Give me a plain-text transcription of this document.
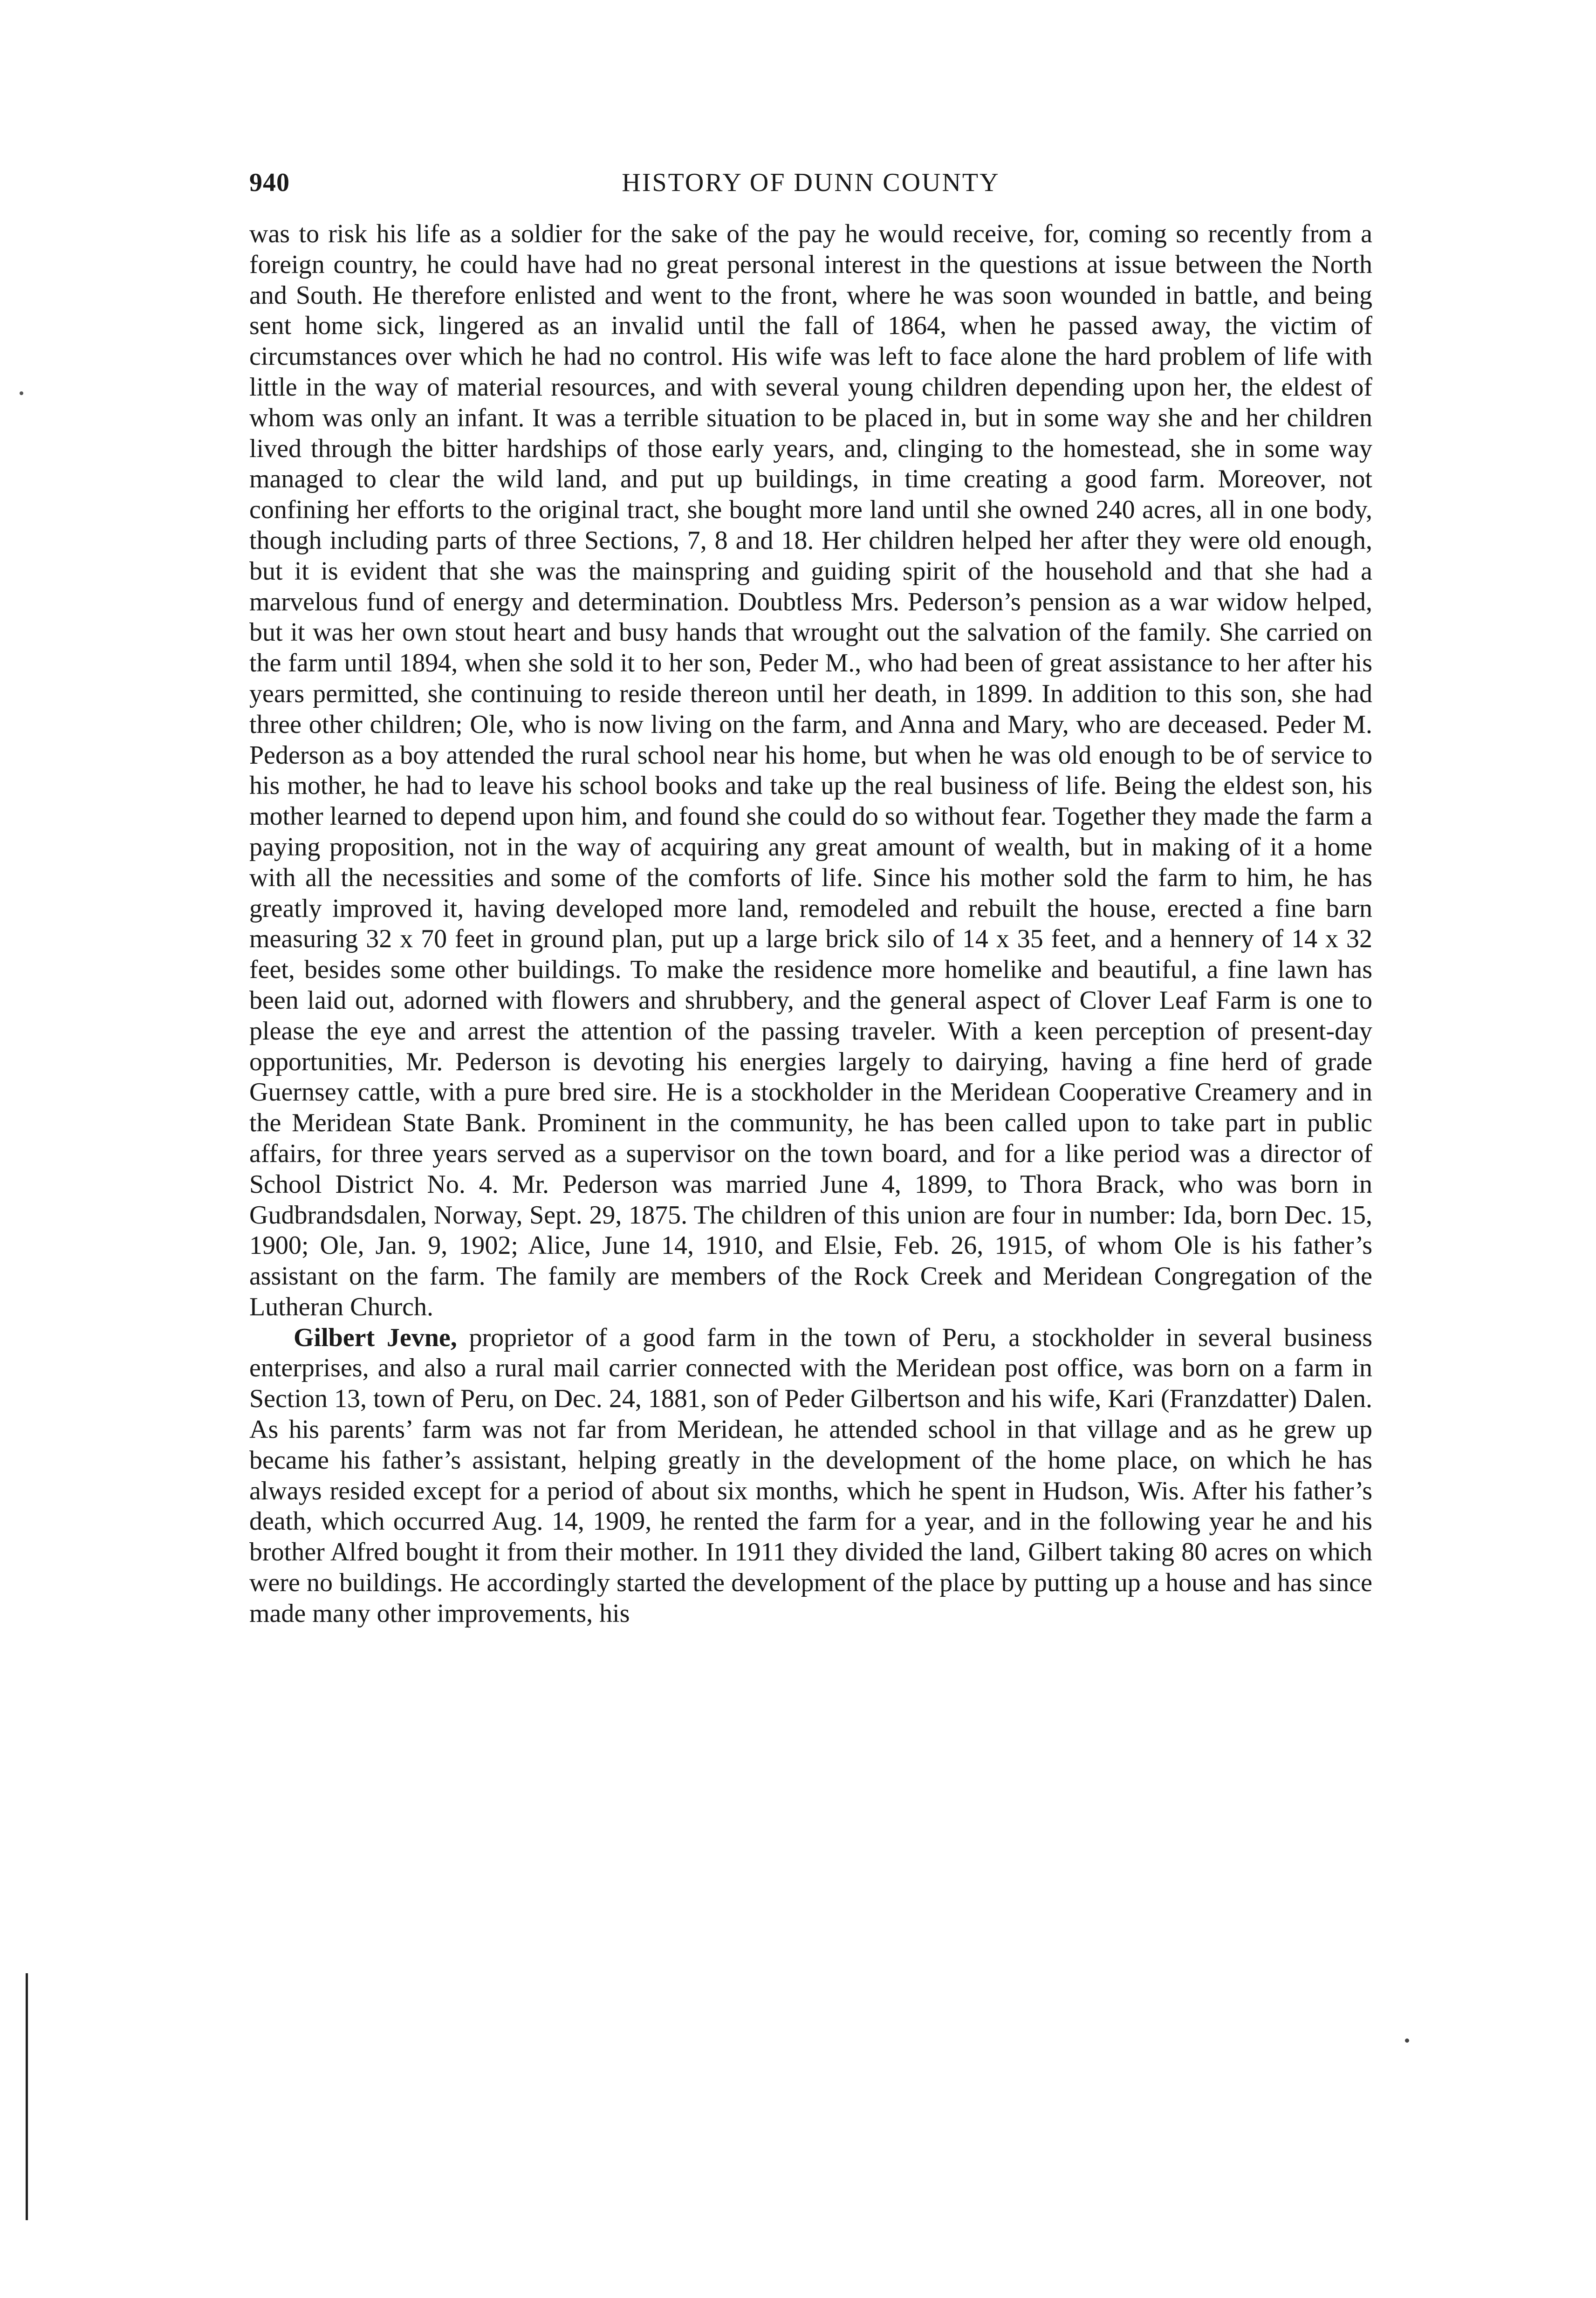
940	HISTORY OF DUNN COUNTY

was to risk his life as a soldier for the sake of the pay he would receive, for, coming so recently from a foreign country, he could have had no great personal interest in the questions at issue between the North and South. He therefore enlisted and went to the front, where he was soon wounded in battle, and being sent home sick, lingered as an invalid until the fall of 1864, when he passed away, the victim of circumstances over which he had no control. His wife was left to face alone the hard problem of life with little in the way of material resources, and with several young children depending upon her, the eldest of whom was only an infant. It was a terrible situation to be placed in, but in some way she and her children lived through the bitter hardships of those early years, and, clinging to the homestead, she in some way managed to clear the wild land, and put up buildings, in time creating a good farm. Moreover, not confining her efforts to the original tract, she bought more land until she owned 240 acres, all in one body, though including parts of three Sections, 7, 8 and 18. Her children helped her after they were old enough, but it is evident that she was the mainspring and guiding spirit of the household and that she had a marvelous fund of energy and determination. Doubtless Mrs. Pederson’s pension as a war widow helped, but it was her own stout heart and busy hands that wrought out the salvation of the family. She carried on the farm until 1894, when she sold it to her son, Peder M., who had been of great assistance to her after his years permitted, she continuing to reside thereon until her death, in 1899. In addition to this son, she had three other children; Ole, who is now living on the farm, and Anna and Mary, who are deceased. Peder M. Pederson as a boy attended the rural school near his home, but when he was old enough to be of service to his mother, he had to leave his school books and take up the real business of life. Being the eldest son, his mother learned to depend upon him, and found she could do so without fear. Together they made the farm a paying proposition, not in the way of acquiring any great amount of wealth, but in making of it a home with all the necessities and some of the comforts of life. Since his mother sold the farm to him, he has greatly improved it, having developed more land, remodeled and rebuilt the house, erected a fine barn measuring 32 x 70 feet in ground plan, put up a large brick silo of 14 x 35 feet, and a hennery of 14 x 32 feet, besides some other buildings. To make the residence more homelike and beautiful, a fine lawn has been laid out, adorned with flowers and shrubbery, and the general aspect of Clover Leaf Farm is one to please the eye and arrest the attention of the passing traveler. With a keen perception of present-day opportunities, Mr. Pederson is devoting his energies largely to dairying, having a fine herd of grade Guernsey cattle, with a pure bred sire. He is a stockholder in the Meridean Cooperative Creamery and in the Meridean State Bank. Prominent in the community, he has been called upon to take part in public affairs, for three years served as a supervisor on the town board, and for a like period was a director of School District No. 4. Mr. Pederson was married June 4, 1899, to Thora Brack, who was born in Gudbrandsdalen, Norway, Sept. 29, 1875. The children of this union are four in number: Ida, born Dec. 15, 1900; Ole, Jan. 9, 1902; Alice, June 14, 1910, and Elsie, Feb. 26, 1915, of whom Ole is his father’s assistant on the farm. The family are members of the Rock Creek and Meridean Congregation of the Lutheran Church.

Gilbert Jevne, proprietor of a good farm in the town of Peru, a stockholder in several business enterprises, and also a rural mail carrier connected with the Meridean post office, was born on a farm in Section 13, town of Peru, on Dec. 24, 1881, son of Peder Gilbertson and his wife, Kari (Franzdatter) Dalen. As his parents’ farm was not far from Meridean, he attended school in that village and as he grew up became his father’s assistant, helping greatly in the development of the home place, on which he has always resided except for a period of about six months, which he spent in Hudson, Wis. After his father’s death, which occurred Aug. 14, 1909, he rented the farm for a year, and in the following year he and his brother Alfred bought it from their mother. In 1911 they divided the land, Gilbert taking 80 acres on which were no buildings. He accordingly started the development of the place by putting up a house and has since made many other improvements, his
